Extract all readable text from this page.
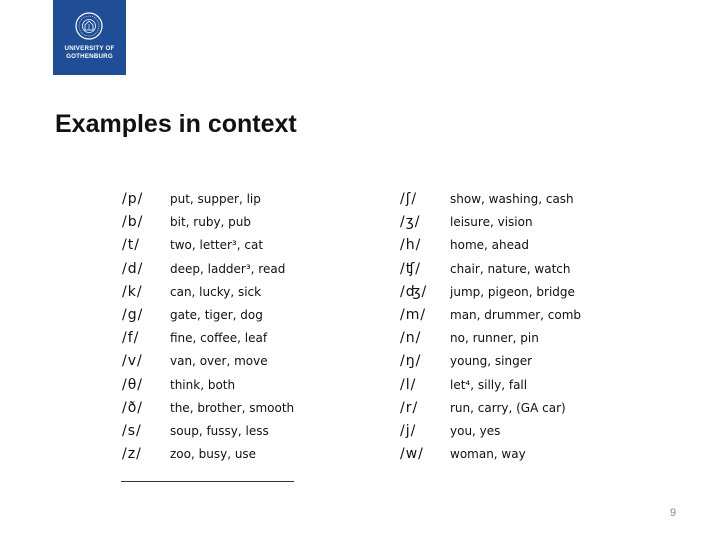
UNIVERSITY OF
GOTHENBURG
Examples in context
/p/ put, supper, lip
/b/ bit, ruby, pub
/t/	two, letter³, cat
/d/ deep, ladder³, read
/k/ can, lucky, sick
/g/ gate, tiger, dog
/f/	fine, coffee, leaf
/v/ van, over, move
/θ/ think, both
/ð/ the, brother, smooth
/s/ soup, fussy, less
/z/ zoo, busy, use
/ʃ/	show, washing, cash
/ʒ/ leisure, vision
/h/ home, ahead
/ʧ/ chair, nature, watch
/ʤ/ jump, pigeon, bridge
/m/ man, drummer, comb
/n/ no, runner, pin
/ŋ/ young, singer
/l/	let⁴, silly, fall
/r/	run, carry, (GA car)
/j/	you, yes
/w/ woman, way
9
